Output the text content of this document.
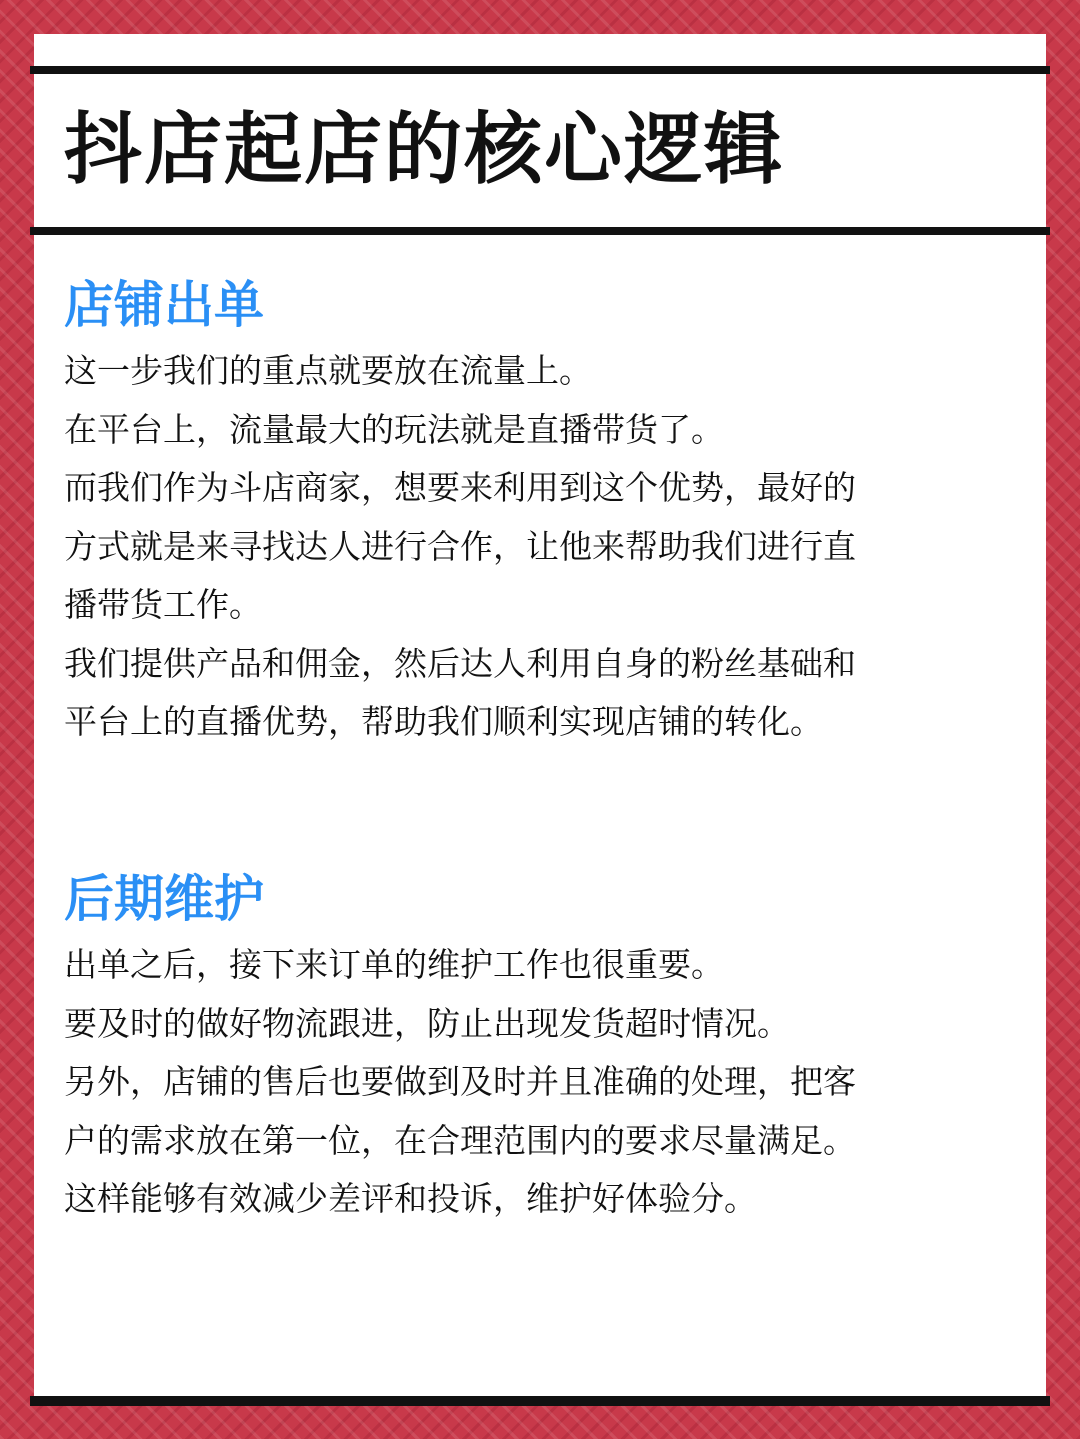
抖店起店的核心逻辑
店铺出单

这一步我们的重点就要放在流量上。

在平台上，流量最大的玩法就是直播带货了。

而我们作为斗店商家，想要来利用到这个优势，最好的

方式就是来寻找达人进行合作，让他来帮助我们进行直

播带货工作。

我们提供产品和佣金，然后达人利用自身的粉丝基础和

平台上的直播优势，帮助我们顺利实现店铺的转化。

后期维护

出单之后，接下来订单的维护工作也很重要。

要及时的做好物流跟进，防止出现发货超时情况。

另外，店铺的售后也要做到及时并且准确的处理，把客

户的需求放在第一位，在合理范围内的要求尽量满足。

这样能够有效减少差评和投诉，维护好体验分。
